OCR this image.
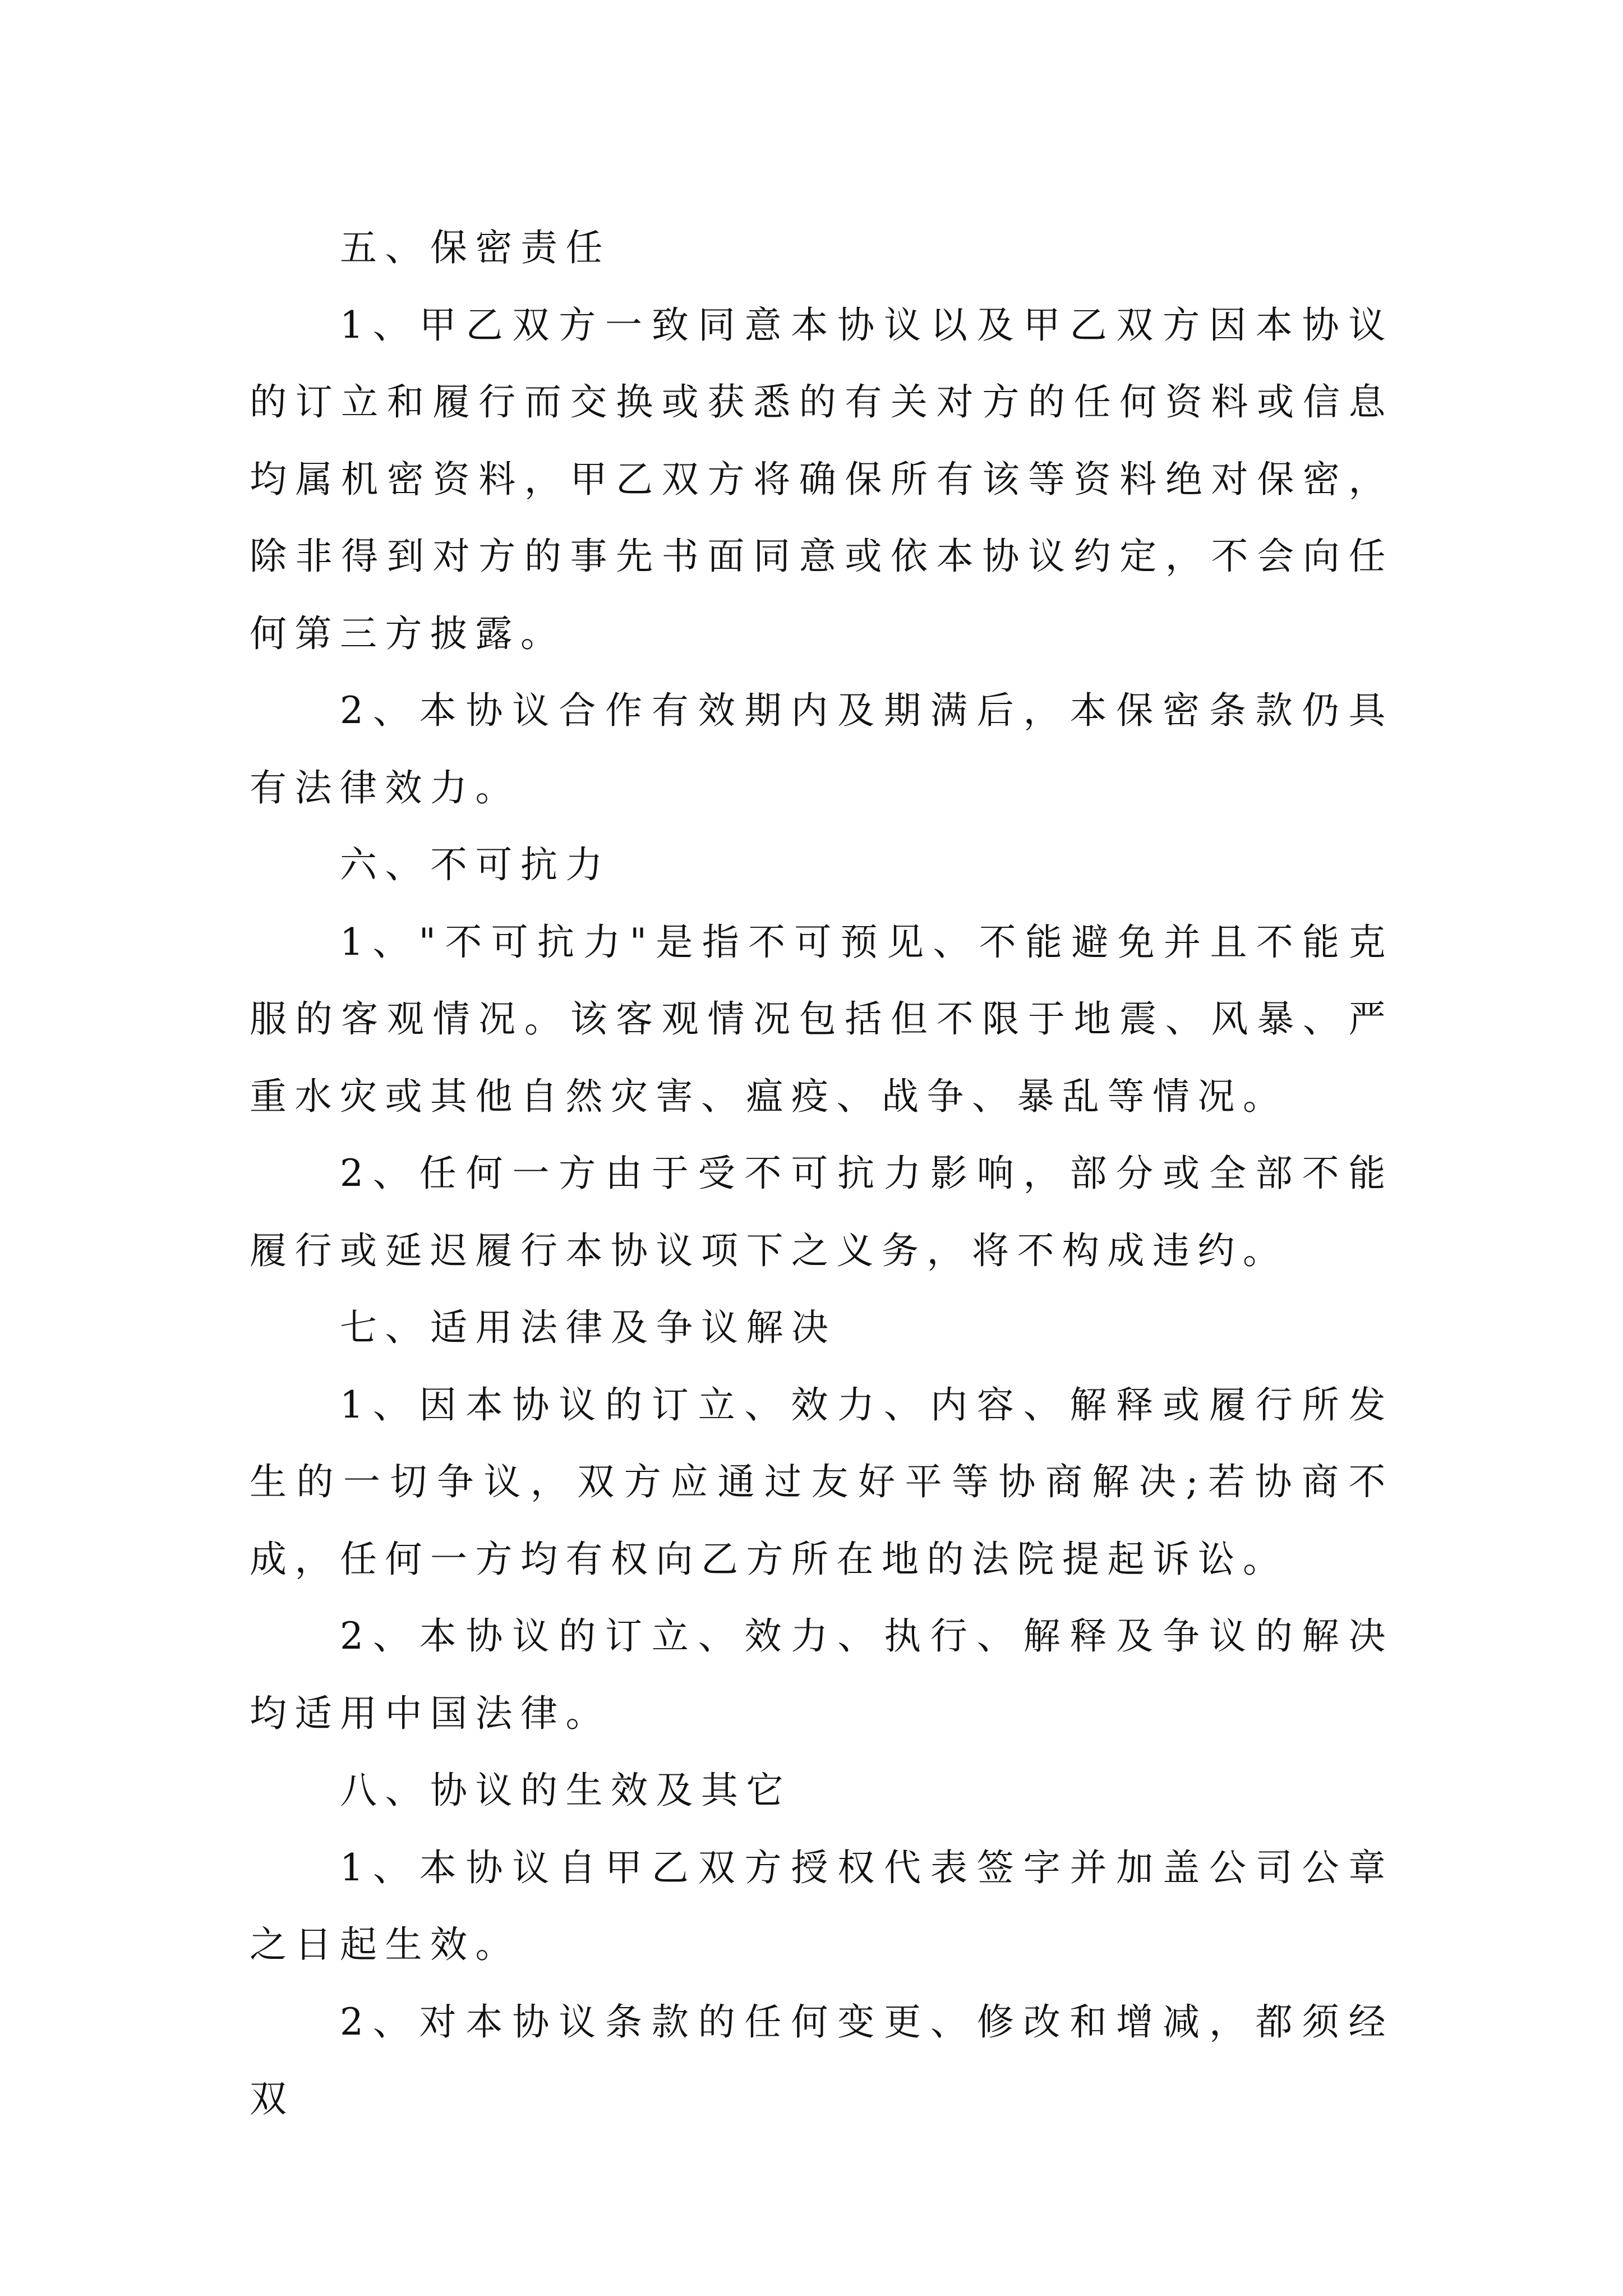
五、保密责任

1、甲乙双方一致同意本协议以及甲乙双方因本协议的订立和履行而交换或获悉的有关对方的任何资料或信息均属机密资料，甲乙双方将确保所有该等资料绝对保密，除非得到对方的事先书面同意或依本协议约定，不会向任何第三方披露。

2、本协议合作有效期内及期满后，本保密条款仍具有法律效力。

六、不可抗力

1、"不可抗力"是指不可预见、不能避免并且不能克服的客观情况。该客观情况包括但不限于地震、风暴、严重水灾或其他自然灾害、瘟疫、战争、暴乱等情况。

2、任何一方由于受不可抗力影响，部分或全部不能履行或延迟履行本协议项下之义务，将不构成违约。

七、适用法律及争议解决

1、因本协议的订立、效力、内容、解释或履行所发生的一切争议，双方应通过友好平等协商解决;若协商不成，任何一方均有权向乙方所在地的法院提起诉讼。

2、本协议的订立、效力、执行、解释及争议的解决均适用中国法律。

八、协议的生效及其它

1、本协议自甲乙双方授权代表签字并加盖公司公章之日起生效。

2、对本协议条款的任何变更、修改和增减，都须经双
